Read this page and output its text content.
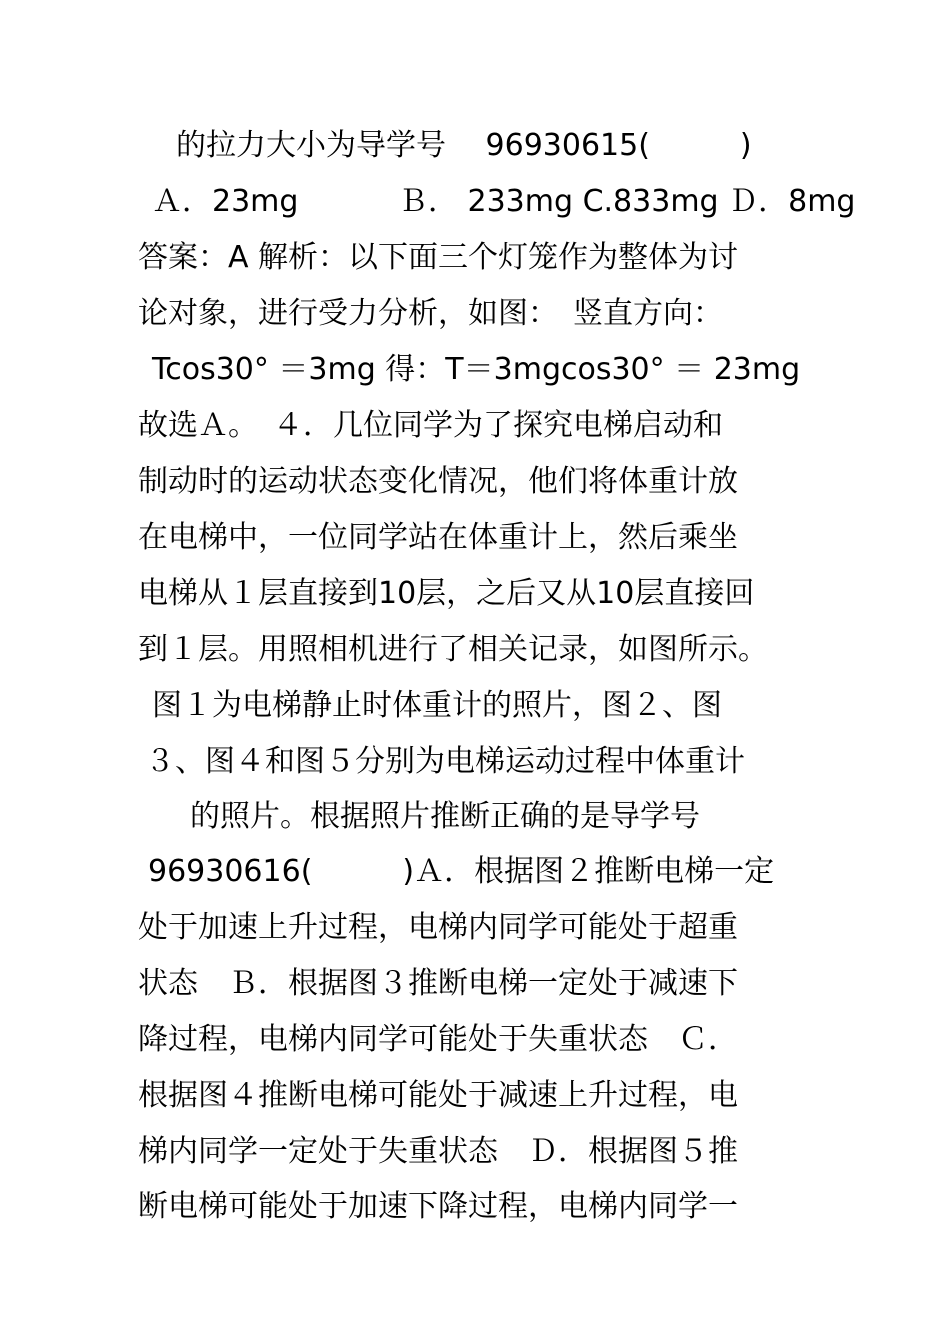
的拉力大小为导学号 　96930615(　　　)
Ａ．23mg　　　 Ｂ． 233mg C.833mg Ｄ．8mg
答案：A 解析：以下面三个灯笼作为整体为讨
论对象，进行受力分析，如图：　竖直方向：
Tcos30° ＝3mg 得：T＝3mgcos30° ＝ 23mg
故选Ａ。　４．几位同学为了探究电梯启动和
制动时的运动状态变化情况，他们将体重计放
在电梯中，一位同学站在体重计上，然后乘坐
电梯从１层直接到10层，之后又从10层直接回
到１层。用照相机进行了相关记录，如图所示。
图１为电梯静止时体重计的照片，图２、图
３、图４和图５分别为电梯运动过程中体重计
的照片。根据照片推断正确的是导学号
96930616(　　　)Ａ．根据图２推断电梯一定
处于加速上升过程，电梯内同学可能处于超重
状态　Ｂ．根据图３推断电梯一定处于减速下
降过程，电梯内同学可能处于失重状态　Ｃ．
根据图４推断电梯可能处于减速上升过程，电
梯内同学一定处于失重状态　Ｄ．根据图５推
断电梯可能处于加速下降过程，电梯内同学一
